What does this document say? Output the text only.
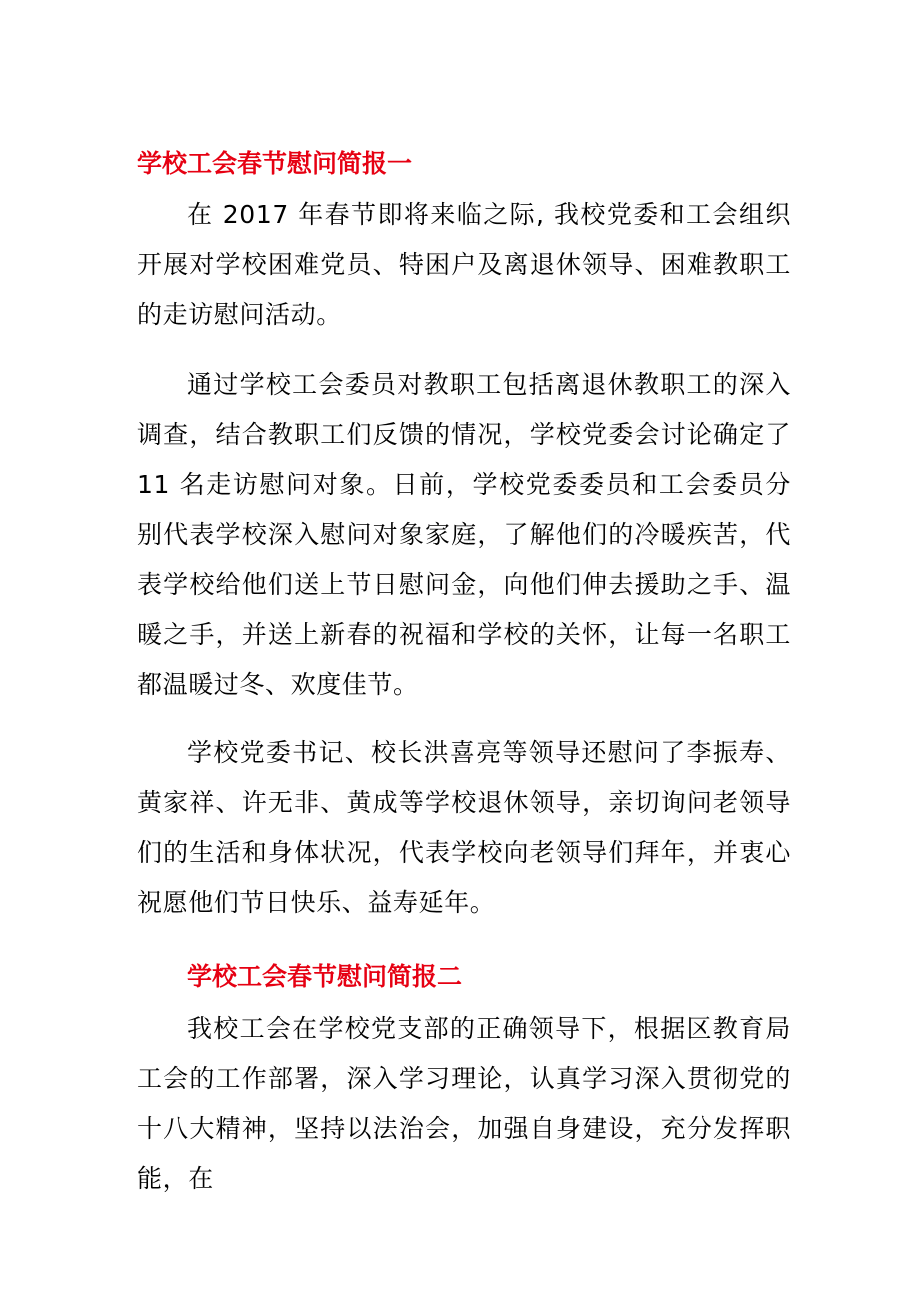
学校工会春节慰问简报一

在 2017 年春节即将来临之际, 我校党委和工会组织开展对学校困难党员、特困户及离退休领导、困难教职工的走访慰问活动。

通过学校工会委员对教职工包括离退休教职工的深入调查，结合教职工们反馈的情况，学校党委会讨论确定了 11 名走访慰问对象。日前，学校党委委员和工会委员分别代表学校深入慰问对象家庭，了解他们的冷暖疾苦，代表学校给他们送上节日慰问金，向他们伸去援助之手、温暖之手，并送上新春的祝福和学校的关怀，让每一名职工都温暖过冬、欢度佳节。

学校党委书记、校长洪喜亮等领导还慰问了李振寿、黄家祥、许无非、黄成等学校退休领导，亲切询问老领导们的生活和身体状况，代表学校向老领导们拜年，并衷心祝愿他们节日快乐、益寿延年。

学校工会春节慰问简报二

我校工会在学校党支部的正确领导下，根据区教育局工会的工作部署，深入学习理论，认真学习深入贯彻党的十八大精神，坚持以法治会，加强自身建设，充分发挥职能，在
